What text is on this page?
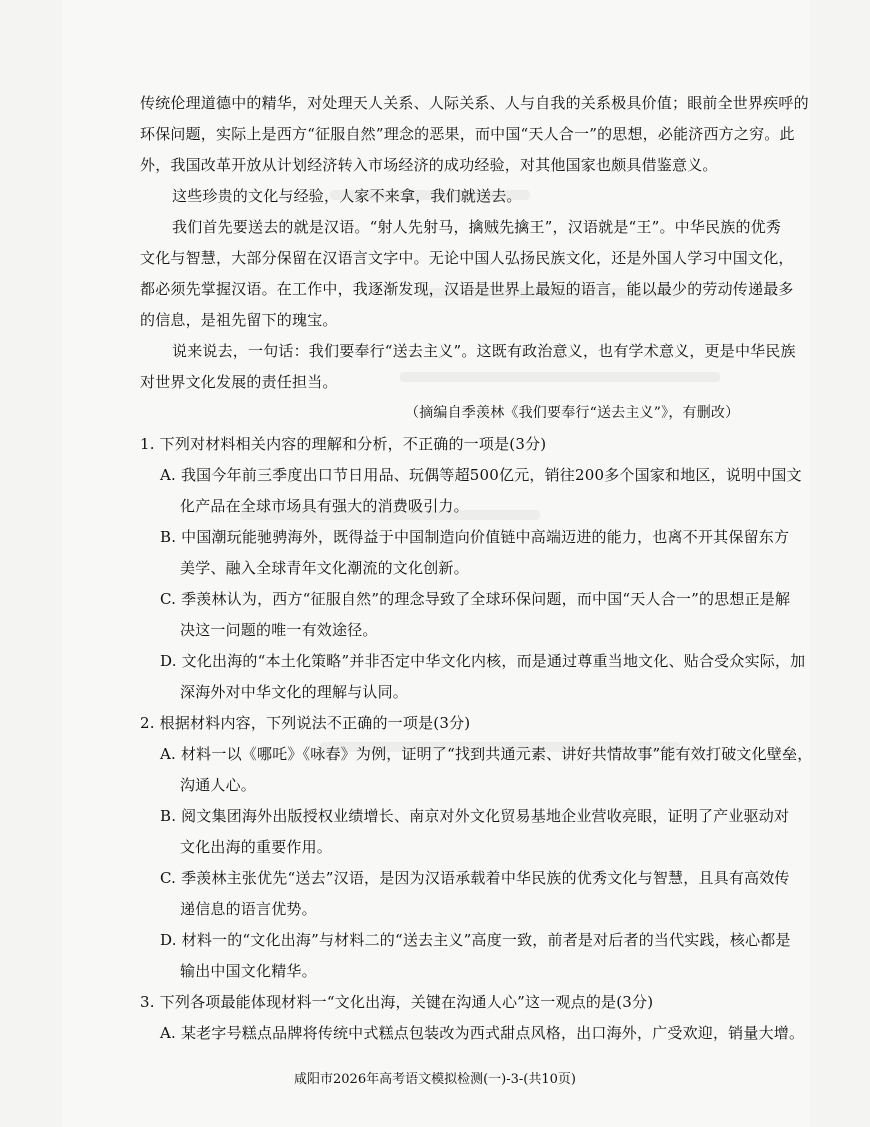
传统伦理道德中的精华，对处理天人关系、人际关系、人与自我的关系极具价值；眼前全世界疾呼的
环保问题，实际上是西方“征服自然”理念的恶果，而中国“天人合一”的思想，必能济西方之穷。此
外，我国改革开放从计划经济转入市场经济的成功经验，对其他国家也颇具借鉴意义。
这些珍贵的文化与经验，人家不来拿，我们就送去。
我们首先要送去的就是汉语。“射人先射马，擒贼先擒王”，汉语就是“王”。中华民族的优秀
文化与智慧，大部分保留在汉语言文字中。无论中国人弘扬民族文化，还是外国人学习中国文化，
都必须先掌握汉语。在工作中，我逐渐发现，汉语是世界上最短的语言，能以最少的劳动传递最多
的信息，是祖先留下的瑰宝。
说来说去，一句话：我们要奉行“送去主义”。这既有政治意义，也有学术意义，更是中华民族
对世界文化发展的责任担当。
（摘编自季羡林《我们要奉行“送去主义”》，有删改）
1. 下列对材料相关内容的理解和分析，不正确的一项是(3分)
A. 我国今年前三季度出口节日用品、玩偶等超500亿元，销往200多个国家和地区，说明中国文
化产品在全球市场具有强大的消费吸引力。
B. 中国潮玩能驰骋海外，既得益于中国制造向价值链中高端迈进的能力，也离不开其保留东方
美学、融入全球青年文化潮流的文化创新。
C. 季羡林认为，西方“征服自然”的理念导致了全球环保问题，而中国“天人合一”的思想正是解
决这一问题的唯一有效途径。
D. 文化出海的“本土化策略”并非否定中华文化内核，而是通过尊重当地文化、贴合受众实际，加
深海外对中华文化的理解与认同。
2. 根据材料内容，下列说法不正确的一项是(3分)
A. 材料一以《哪吒》《咏春》为例，证明了“找到共通元素、讲好共情故事”能有效打破文化壁垒，
沟通人心。
B. 阅文集团海外出版授权业绩增长、南京对外文化贸易基地企业营收亮眼，证明了产业驱动对
文化出海的重要作用。
C. 季羡林主张优先“送去”汉语，是因为汉语承载着中华民族的优秀文化与智慧，且具有高效传
递信息的语言优势。
D. 材料一的“文化出海”与材料二的“送去主义”高度一致，前者是对后者的当代实践，核心都是
输出中国文化精华。
3. 下列各项最能体现材料一“文化出海，关键在沟通人心”这一观点的是(3分)
A. 某老字号糕点品牌将传统中式糕点包装改为西式甜点风格，出口海外，广受欢迎，销量大增。
咸阳市2026年高考语文模拟检测(一)-3-(共10页)
